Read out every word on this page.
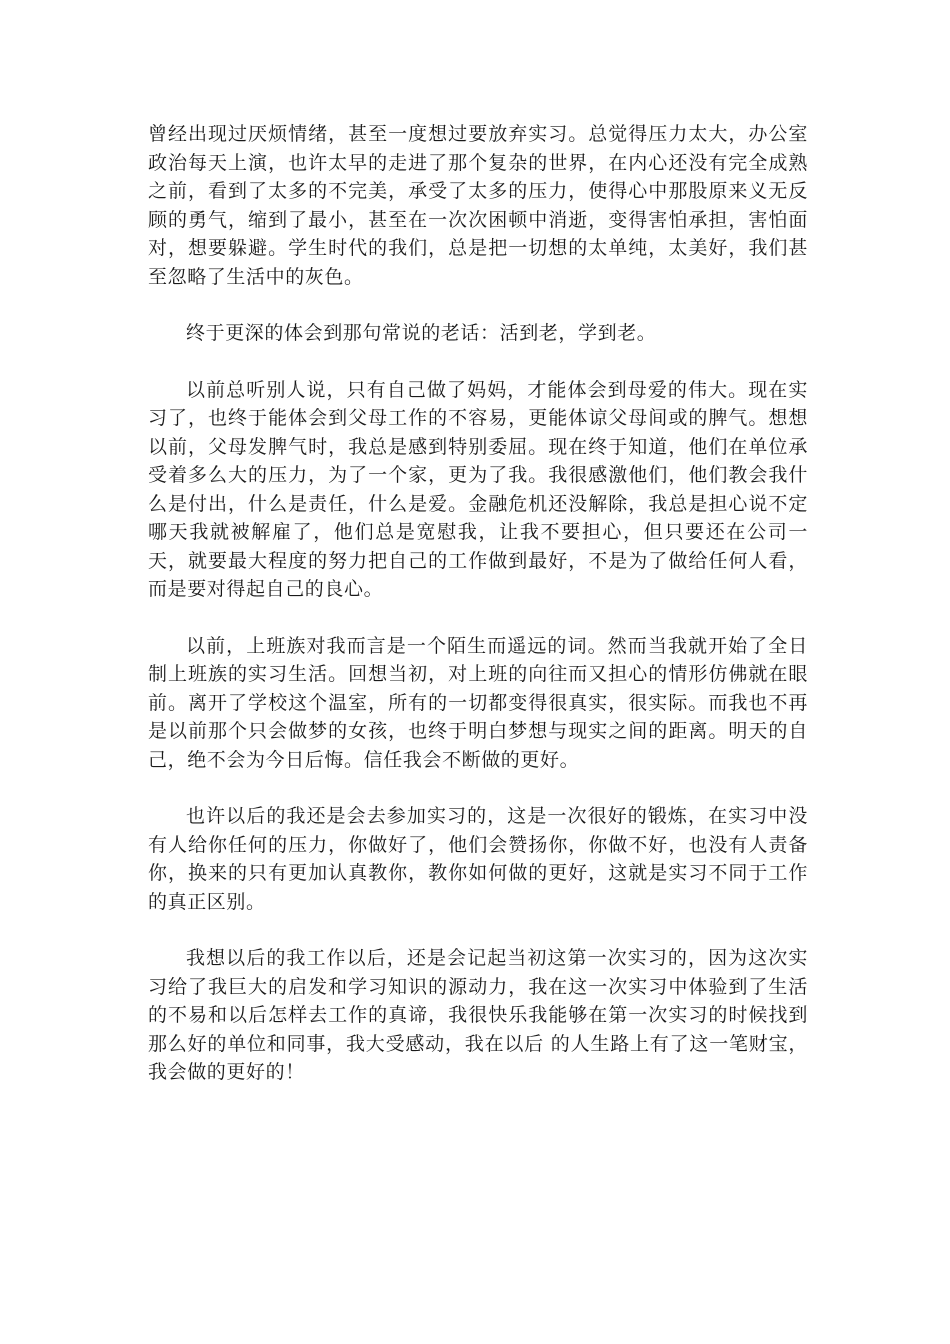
曾经出现过厌烦情绪，甚至一度想过要放弃实习。总觉得压力太大，办公室政治每天上演，也许太早的走进了那个复杂的世界，在内心还没有完全成熟之前，看到了太多的不完美，承受了太多的压力，使得心中那股原来义无反顾的勇气，缩到了最小，甚至在一次次困顿中消逝，变得害怕承担，害怕面对，想要躲避。学生时代的我们，总是把一切想的太单纯，太美好，我们甚至忽略了生活中的灰色。

终于更深的体会到那句常说的老话：活到老，学到老。

以前总听别人说，只有自己做了妈妈，才能体会到母爱的伟大。现在实习了，也终于能体会到父母工作的不容易，更能体谅父母间或的脾气。想想以前，父母发脾气时，我总是感到特别委屈。现在终于知道，他们在单位承受着多么大的压力，为了一个家，更为了我。我很感激他们，他们教会我什么是付出，什么是责任，什么是爱。金融危机还没解除，我总是担心说不定哪天我就被解雇了，他们总是宽慰我，让我不要担心，但只要还在公司一天，就要最大程度的努力把自己的工作做到最好，不是为了做给任何人看，而是要对得起自己的良心。

以前，上班族对我而言是一个陌生而遥远的词。然而当我就开始了全日制上班族的实习生活。回想当初，对上班的向往而又担心的情形仿佛就在眼前。离开了学校这个温室，所有的一切都变得很真实，很实际。而我也不再是以前那个只会做梦的女孩，也终于明白梦想与现实之间的距离。明天的自己，绝不会为今日后悔。信任我会不断做的更好。

也许以后的我还是会去参加实习的，这是一次很好的锻炼，在实习中没有人给你任何的压力，你做好了，他们会赞扬你，你做不好，也没有人责备你，换来的只有更加认真教你，教你如何做的更好，这就是实习不同于工作的真正区别。

我想以后的我工作以后，还是会记起当初这第一次实习的，因为这次实习给了我巨大的启发和学习知识的源动力，我在这一次实习中体验到了生活的不易和以后怎样去工作的真谛，我很快乐我能够在第一次实习的时候找到那么好的单位和同事，我大受感动，我在以后 的人生路上有了这一笔财宝，我会做的更好的！
